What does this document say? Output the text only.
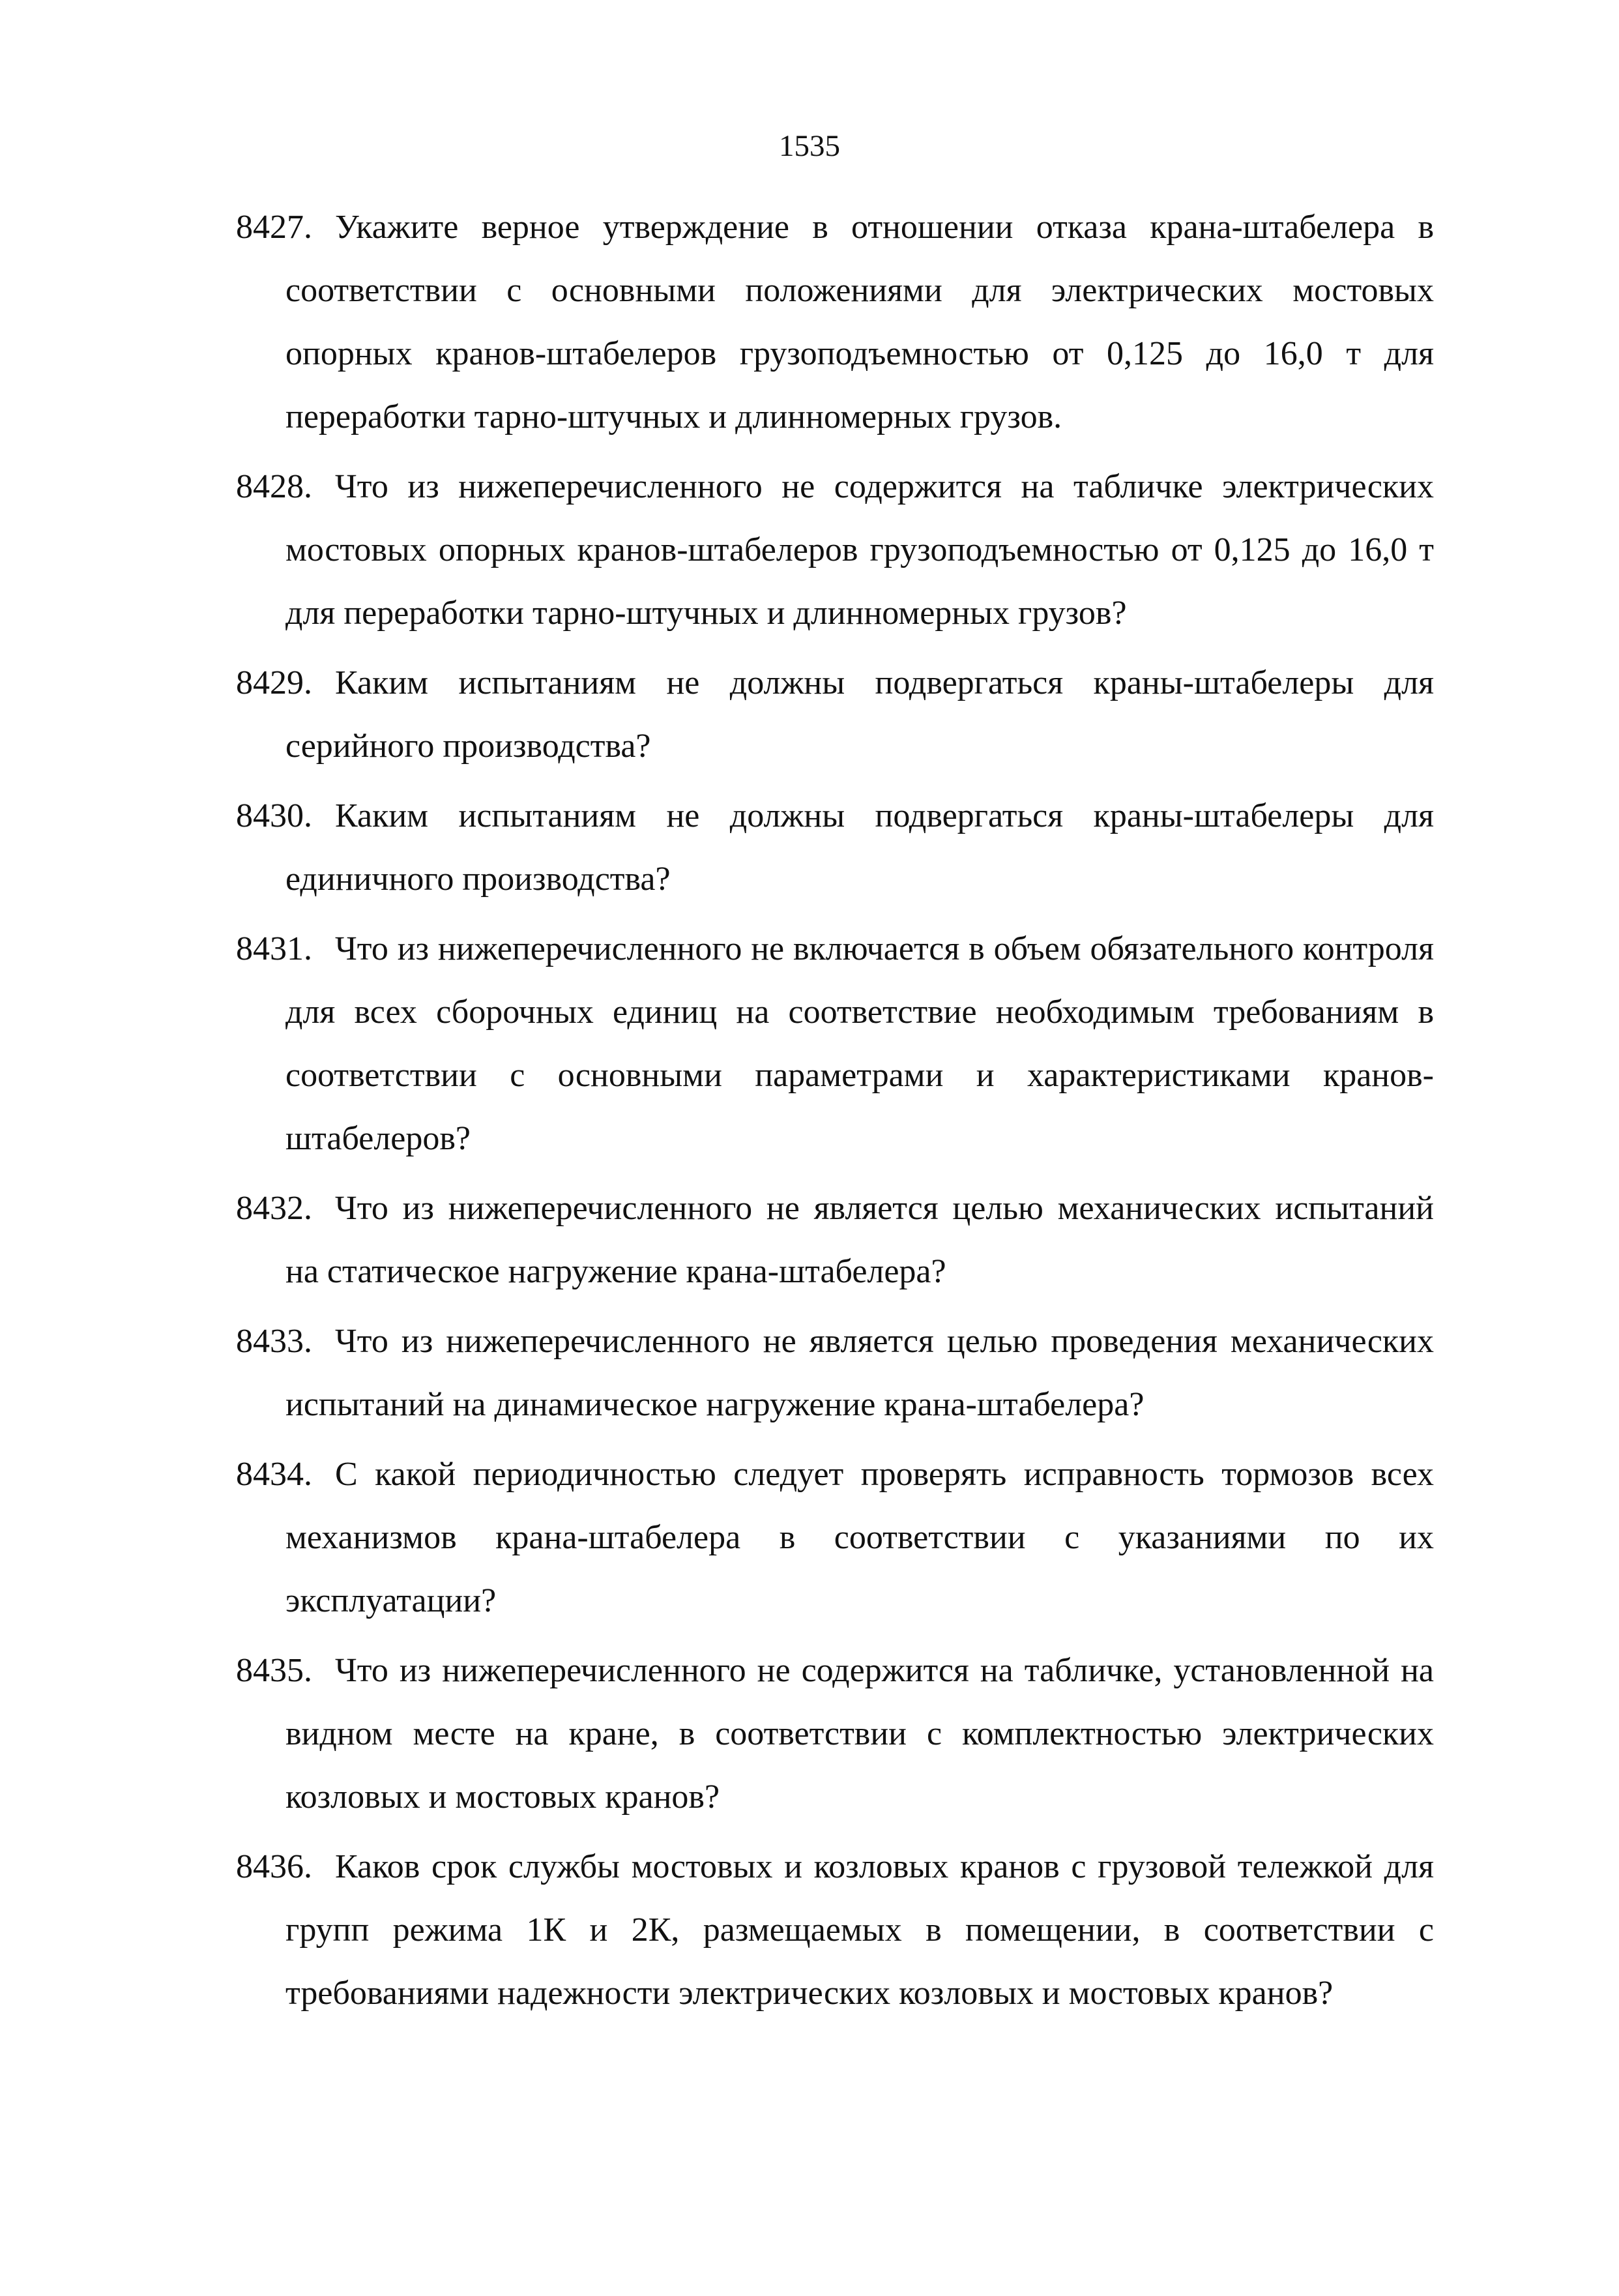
1535
8427. Укажите верное утверждение в отношении отказа крана-штабелера в соответствии с основными положениями для электрических мостовых опорных кранов-штабелеров грузоподъемностью от 0,125 до 16,0 т для переработки тарно-штучных и длинномерных грузов.
8428. Что из нижеперечисленного не содержится на табличке электрических мостовых опорных кранов-штабелеров грузоподъемностью от 0,125 до 16,0 т для переработки тарно-штучных и длинномерных грузов?
8429. Каким испытаниям не должны подвергаться краны-штабелеры для серийного производства?
8430. Каким испытаниям не должны подвергаться краны-штабелеры для единичного производства?
8431. Что из нижеперечисленного не включается в объем обязательного контроля для всех сборочных единиц на соответствие необходимым требованиям в соответствии с основными параметрами и характеристиками кранов-штабелеров?
8432. Что из нижеперечисленного не является целью механических испытаний на статическое нагружение крана-штабелера?
8433. Что из нижеперечисленного не является целью проведения механических испытаний на динамическое нагружение крана-штабелера?
8434. С какой периодичностью следует проверять исправность тормозов всех механизмов крана-штабелера в соответствии с указаниями по их эксплуатации?
8435. Что из нижеперечисленного не содержится на табличке, установленной на видном месте на кране, в соответствии с комплектностью электрических козловых и мостовых кранов?
8436. Каков срок службы мостовых и козловых кранов с грузовой тележкой для групп режима 1К и 2К, размещаемых в помещении, в соответствии с требованиями надежности электрических козловых и мостовых кранов?
